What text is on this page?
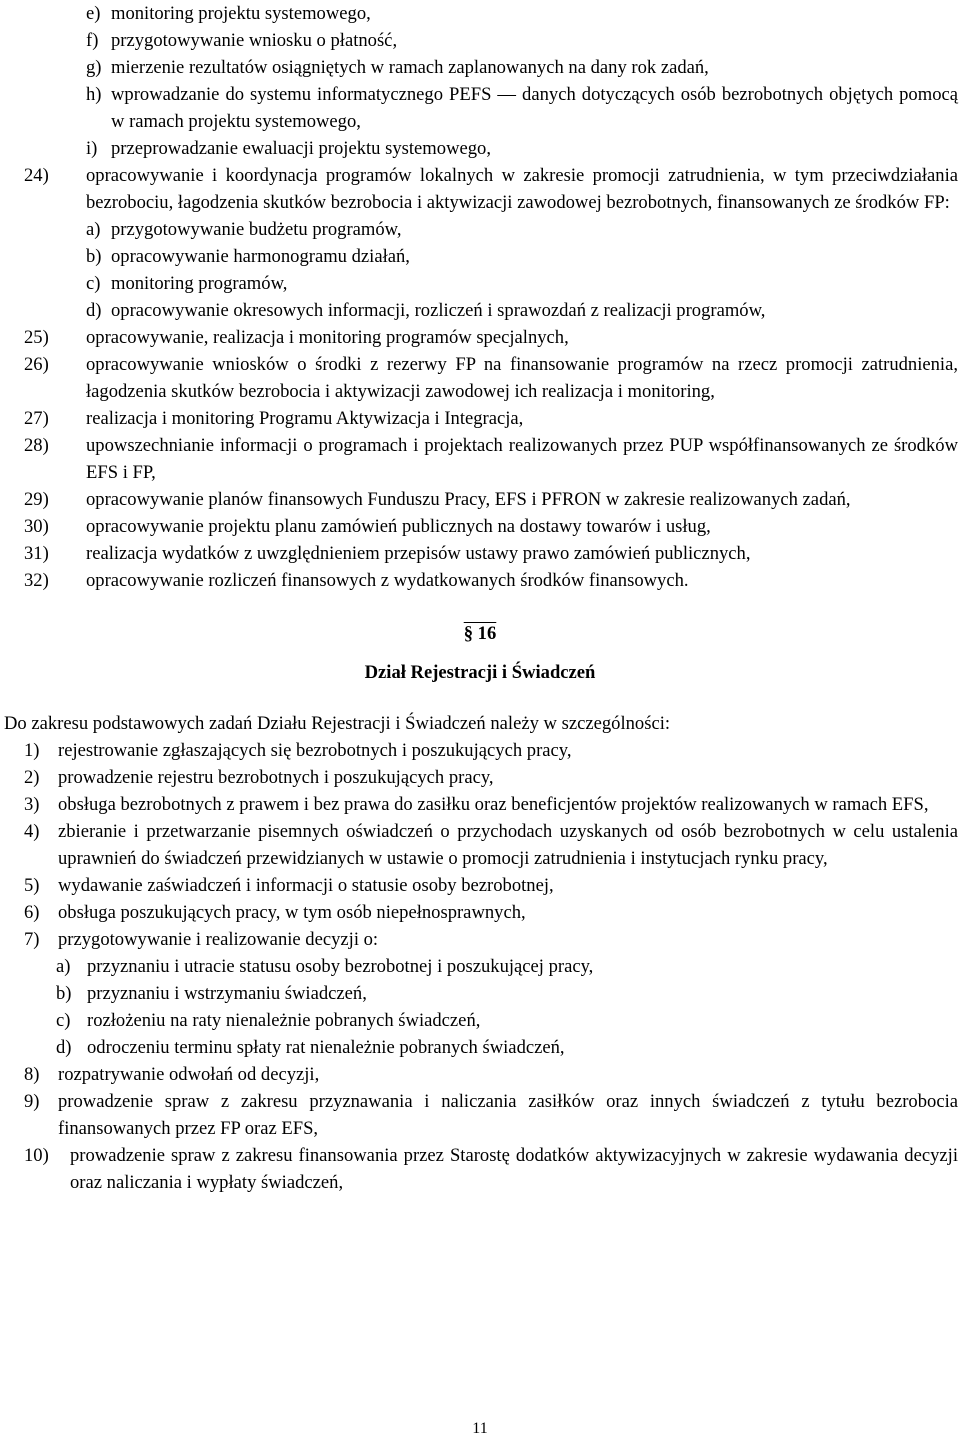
e) monitoring projektu systemowego,
f) przygotowywanie wniosku o płatność,
g) mierzenie rezultatów osiągniętych w ramach zaplanowanych na dany rok zadań,
h) wprowadzanie do systemu informatycznego PEFS — danych dotyczących osób bezrobotnych objętych pomocą w ramach projektu systemowego,
i) przeprowadzanie ewaluacji projektu systemowego,
24)	opracowywanie i koordynacja programów lokalnych w zakresie promocji zatrudnienia, w tym przeciwdziałania bezrobociu, łagodzenia skutków bezrobocia i aktywizacji zawodowej bezrobotnych, finansowanych ze środków FP:
a) przygotowywanie budżetu programów,
b) opracowywanie harmonogramu działań,
c) monitoring programów,
d) opracowywanie okresowych informacji, rozliczeń i sprawozdań z realizacji programów,
25)	opracowywanie, realizacja i monitoring programów specjalnych,
26)	opracowywanie wniosków o środki z rezerwy FP na finansowanie programów na rzecz promocji zatrudnienia, łagodzenia skutków bezrobocia i aktywizacji zawodowej ich realizacja i monitoring,
27)	realizacja i monitoring Programu Aktywizacja i Integracja,
28)	upowszechnianie informacji o programach i projektach realizowanych przez PUP współfinansowanych ze środków EFS i FP,
29)	opracowywanie planów finansowych Funduszu Pracy, EFS i PFRON w zakresie realizowanych zadań,
30)	opracowywanie projektu planu zamówień publicznych na dostawy towarów i usług,
31)	realizacja wydatków z uwzględnieniem przepisów ustawy prawo zamówień publicznych,
32)	opracowywanie rozliczeń finansowych z wydatkowanych środków finansowych.
§ 16
Dział Rejestracji i Świadczeń
Do zakresu podstawowych zadań Działu Rejestracji i Świadczeń należy w szczególności:
1) rejestrowanie zgłaszających się bezrobotnych i poszukujących pracy,
2) prowadzenie rejestru bezrobotnych i poszukujących pracy,
3) obsługa bezrobotnych z prawem i bez prawa do zasiłku oraz beneficjentów projektów realizowanych w ramach EFS,
4) zbieranie i przetwarzanie pisemnych oświadczeń o przychodach uzyskanych od osób bezrobotnych w celu ustalenia uprawnień do świadczeń przewidzianych w ustawie o promocji zatrudnienia i instytucjach rynku pracy,
5) wydawanie zaświadczeń i informacji o statusie osoby bezrobotnej,
6) obsługa poszukujących pracy, w tym osób niepełnosprawnych,
7) przygotowywanie i realizowanie decyzji o:
a) przyznaniu i utracie statusu osoby bezrobotnej i poszukującej pracy,
b) przyznaniu i wstrzymaniu świadczeń,
c) rozłożeniu na raty nienależnie pobranych świadczeń,
d) odroczeniu terminu spłaty rat nienależnie pobranych świadczeń,
8) rozpatrywanie odwołań od decyzji,
9) prowadzenie spraw z zakresu przyznawania i naliczania zasiłków oraz innych świadczeń z tytułu bezrobocia finansowanych przez FP oraz EFS,
10)	prowadzenie spraw z zakresu finansowania przez Starostę dodatków aktywizacyjnych w zakresie wydawania decyzji oraz naliczania i wypłaty świadczeń,
11
